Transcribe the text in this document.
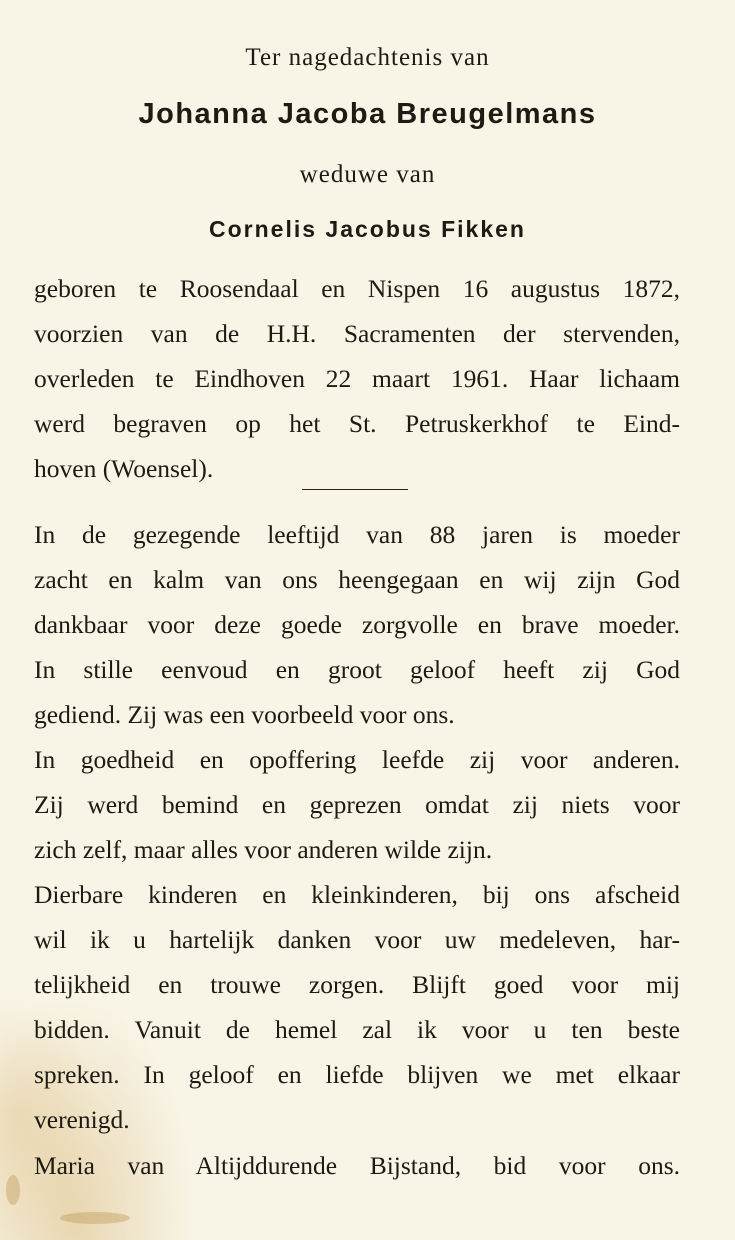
Ter nagedachtenis van
Johanna Jacoba Breugelmans
weduwe van
Cornelis Jacobus Fikken
geboren te Roosendaal en Nispen 16 augustus 1872,
voorzien van de H.H. Sacramenten der stervenden,
overleden te Eindhoven 22 maart 1961. Haar lichaam
werd begraven op het St. Petruskerkhof te Eind-
hoven (Woensel).
In de gezegende leeftijd van 88 jaren is moeder
zacht en kalm van ons heengegaan en wij zijn God
dankbaar voor deze goede zorgvolle en brave moeder.
In stille eenvoud en groot geloof heeft zij God
gediend. Zij was een voorbeeld voor ons.
In goedheid en opoffering leefde zij voor anderen.
Zij werd bemind en geprezen omdat zij niets voor
zich zelf, maar alles voor anderen wilde zijn.
Dierbare kinderen en kleinkinderen, bij ons afscheid
wil ik u hartelijk danken voor uw medeleven, har-
telijkheid en trouwe zorgen. Blijft goed voor mij
bidden. Vanuit de hemel zal ik voor u ten beste
spreken. In geloof en liefde blijven we met elkaar
verenigd.
Maria van Altijddurende Bijstand, bid voor ons.
